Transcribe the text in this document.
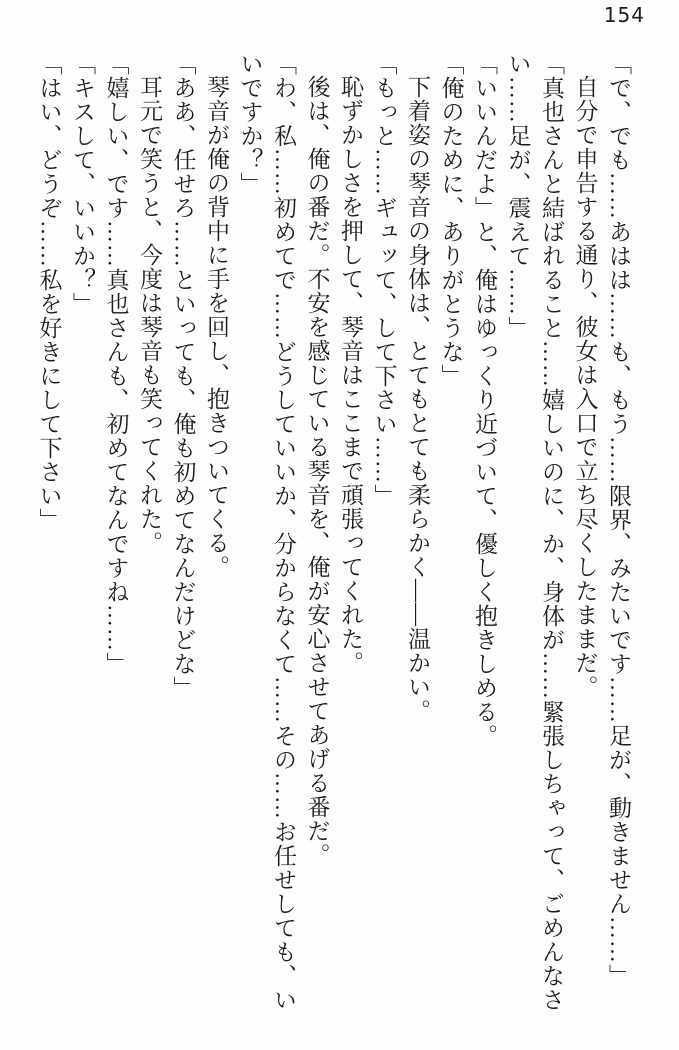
154

「で、でも……あはは……も、もう……限界、みたいです……足が、動きません……」

自分で申告する通り、彼女は入口で立ち尽くしたままだ。

「真也さんと結ばれること……嬉しいのに、か、身体が……緊張しちゃって、ごめんなさい……足が、震えて……」

「いいんだよ」と、俺はゆっくり近づいて、優しく抱きしめる。

「俺のために、ありがとうな」

下着姿の琴音の身体は、とてもとても柔らかく――温かい。

「もっと……ギュッて、して下さい……」

恥ずかしさを押して、琴音はここまで頑張ってくれた。

後は、俺の番だ。不安を感じている琴音を、俺が安心させてあげる番だ。

「わ、私……初めてで……どうしていいか、分からなくて……その……お任せしても、いいですか？」

琴音が俺の背中に手を回し、抱きついてくる。

「ああ、任せろ……といっても、俺も初めてなんだけどな」

耳元で笑うと、今度は琴音も笑ってくれた。

「嬉しい、です……真也さんも、初めてなんですね……」

「キスして、いいか？」

「はい、どうぞ……私を好きにして下さい」
